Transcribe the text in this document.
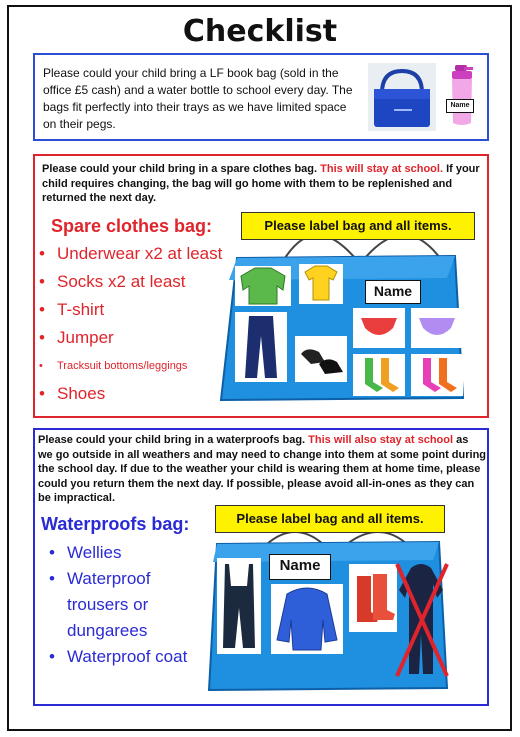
Checklist

Please could your child bring a LF book bag (sold in the office £5 cash) and a water bottle to school every day. The bags fit perfectly into their trays as we have limited space on their pegs.

Name

Please could your child bring in a spare clothes bag. This will stay at school. If your child requires changing, the bag will go home with them to be replenished and returned the next day.

Spare clothes bag:
• Underwear x2 at least
• Socks x2 at least
• T-shirt
• Jumper
• Tracksuit bottoms/leggings
• Shoes
Name
Please label bag and all items.

Please could your child bring in a waterproofs bag. This will also stay at school as we go outside in all weathers and may need to change into them at some point during the school day. If due to the weather your child is wearing them at home time, please could you return them the next day. If possible, please avoid all-in-ones as they can be impractical.

Waterproofs bag:
• Wellies
• Waterproof trousers or dungarees
• Waterproof coat
Name
Please label bag and all items.
